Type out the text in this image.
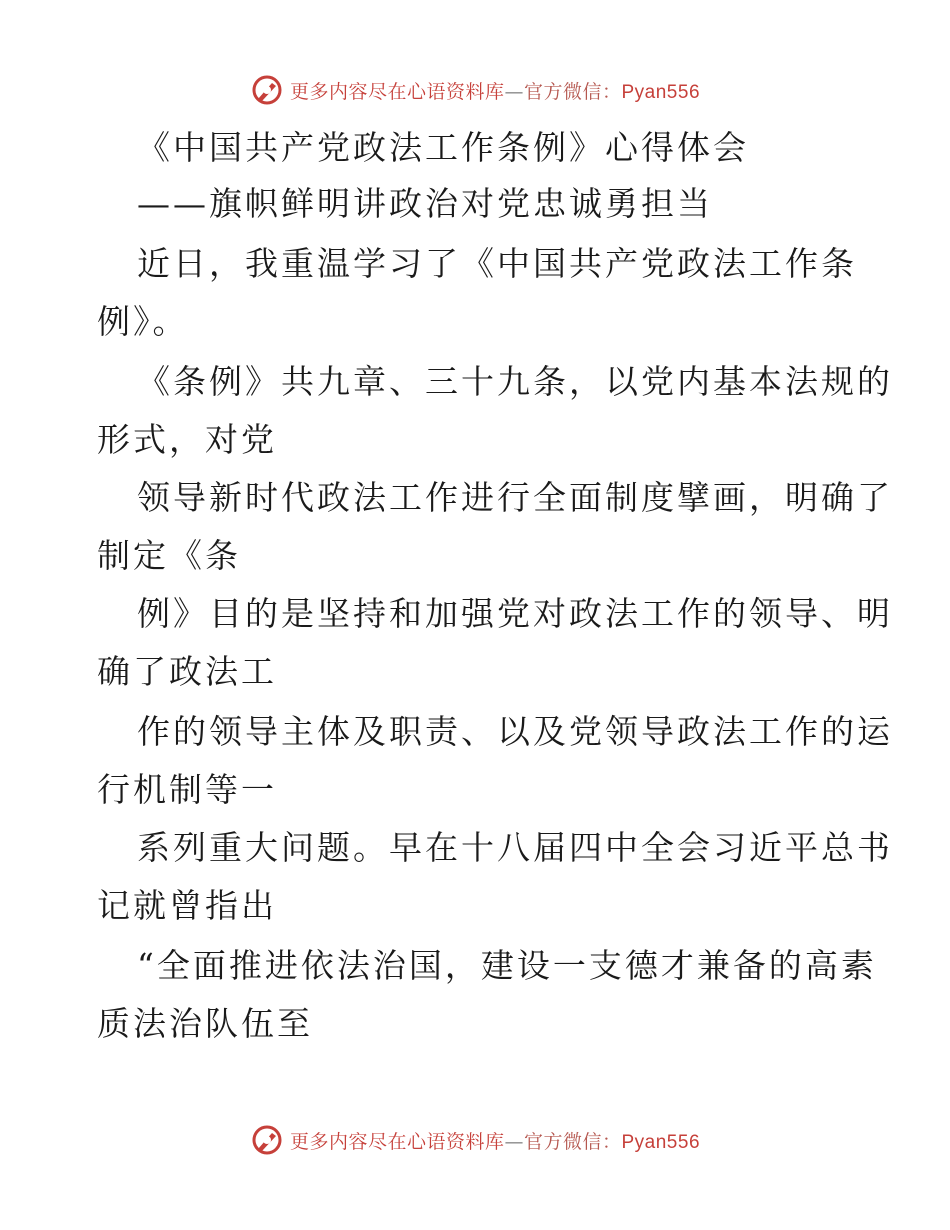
更多内容尽在心语资料库—官方微信：Pyan556
《中国共产党政法工作条例》心得体会
——旗帜鲜明讲政治对党忠诚勇担当
近日，我重温学习了《中国共产党政法工作条
例》。
《条例》共九章、三十九条，以党内基本法规的
形式，对党
领导新时代政法工作进行全面制度擘画，明确了
制定《条
例》目的是坚持和加强党对政法工作的领导、明
确了政法工
作的领导主体及职责、以及党领导政法工作的运
行机制等一
系列重大问题。早在十八届四中全会习近平总书
记就曾指出
“全面推进依法治国，建设一支德才兼备的高素
质法治队伍至
更多内容尽在心语资料库—官方微信：Pyan556
